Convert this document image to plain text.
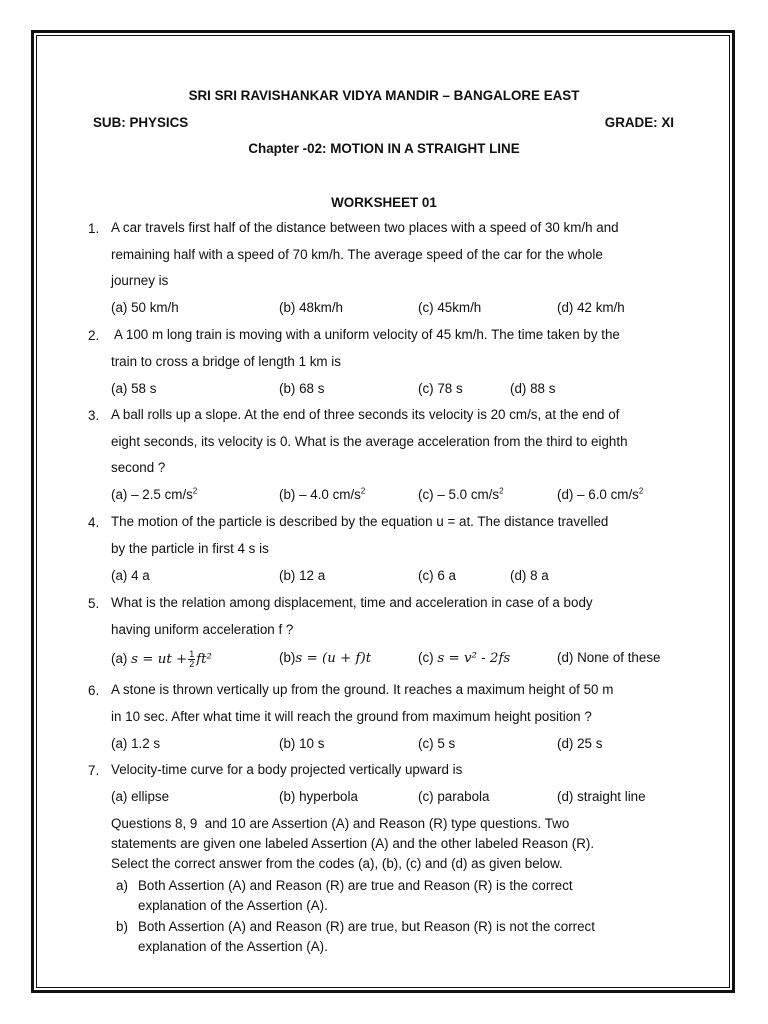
SRI SRI RAVISHANKAR VIDYA MANDIR – BANGALORE EAST
SUB: PHYSICS	GRADE: XI
Chapter -02: MOTION IN A STRAIGHT LINE
WORKSHEET 01
1. A car travels first half of the distance between two places with a speed of 30 km/h and
remaining half with a speed of 70 km/h. The average speed of the car for the whole
journey is
(a) 50 km/h	(b) 48km/h	(c) 45km/h	(d) 42 km/h
2. A 100 m long train is moving with a uniform velocity of 45 km/h. The time taken by the
train to cross a bridge of length 1 km is
(a) 58 s	(b) 68 s	(c) 78 s	(d) 88 s
3. A ball rolls up a slope. At the end of three seconds its velocity is 20 cm/s, at the end of
eight seconds, its velocity is 0. What is the average acceleration from the third to eighth
second ?
(a) – 2.5 $cm/s^2$	(b) – 4.0 $cm/s^2$	(c) – 5.0 $cm/s^2$	(d) – 6.0 $cm/s^2$
4. The motion of the particle is described by the equation u = at. The distance travelled
by the particle in first 4 s is
(a) 4 a	(b) 12 a	(c) 6 a	(d) 8 a
5. What is the relation among displacement, time and acceleration in case of a body
having uniform acceleration f ?
(a) s = ut + $\frac{1}{2} ft^2$	(b)s = (u + f)t	(c) s = v² - 2fs	(d) None of these
6. A stone is thrown vertically up from the ground. It reaches a maximum height of 50 m
in 10 sec. After what time it will reach the ground from maximum height position ?
(a) 1.2 s	(b) 10 s	(c) 5 s	(d) 25 s
7. Velocity-time curve for a body projected vertically upward is
(a) ellipse	(b) hyperbola	(c) parabola	(d) straight line
Questions 8, 9  and 10 are Assertion (A) and Reason (R) type questions. Two
statements are given one labeled Assertion (A) and the other labeled Reason (R).
Select the correct answer from the codes (a), (b), (c) and (d) as given below.
a) Both Assertion (A) and Reason (R) are true and Reason (R) is the correct
explanation of the Assertion (A).
b) Both Assertion (A) and Reason (R) are true, but Reason (R) is not the correct
explanation of the Assertion (A).
